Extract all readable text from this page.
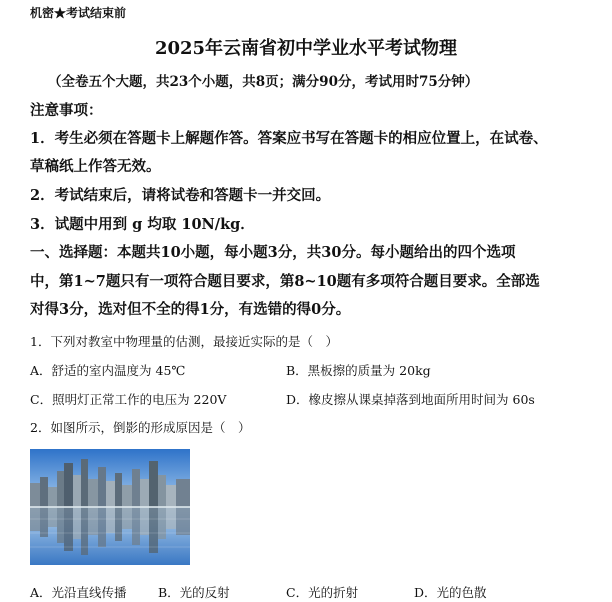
机密★考试结束前
2025年云南省初中学业水平考试物理
（全卷五个大题，共23个小题，共8页；满分90分，考试用时75分钟）
注意事项：
1．考生必须在答题卡上解题作答。答案应书写在答题卡的相应位置上，在试卷、
草稿纸上作答无效。
2．考试结束后，请将试卷和答题卡一并交回。
3．试题中用到 g 均取 10N/kg．
一、选择题：本题共10小题，每小题3分，共30分。每小题给出的四个选项
中，第1~7题只有一项符合题目要求，第8~10题有多项符合题目要求。全部选
对得3分，选对但不全的得1分，有选错的得0分。
1．下列对教室中物理量的估测，最接近实际的是（　）
A．舒适的室内温度为 45℃	B．黑板擦的质量为 20kg
C．照明灯正常工作的电压为 220V	D．橡皮擦从课桌掉落到地面所用时间为 60s
2．如图所示，倒影的形成原因是（　）
A．光沿直线传播	B．光的反射	C．光的折射	D．光的色散
